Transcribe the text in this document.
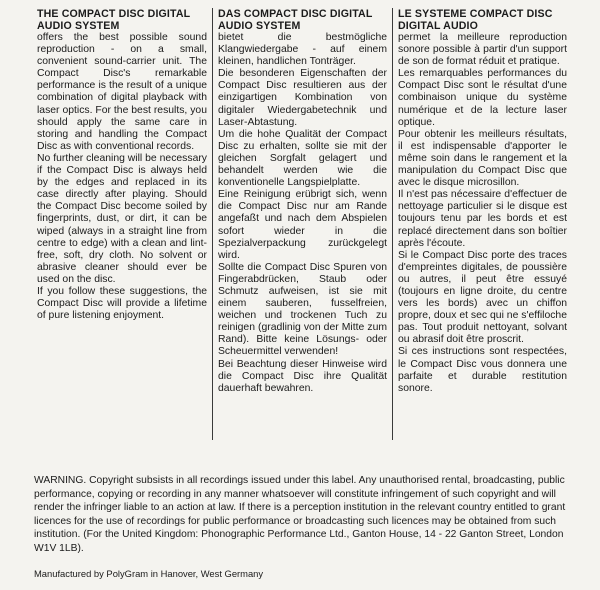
THE COMPACT DISC DIGITAL AUDIO SYSTEM

offers the best possible sound reproduction - on a small, convenient sound-carrier unit. The Compact Disc's remarkable performance is the result of a unique combination of digital playback with laser optics. For the best results, you should apply the same care in storing and handling the Compact Disc as with conventional records.

No further cleaning will be necessary if the Compact Disc is always held by the edges and replaced in its case directly after playing. Should the Compact Disc become soiled by fingerprints, dust, or dirt, it can be wiped (always in a straight line from centre to edge) with a clean and lint-free, soft, dry cloth. No solvent or abrasive cleaner should ever be used on the disc.

If you follow these suggestions, the Compact Disc will provide a lifetime of pure listening enjoyment.

DAS COMPACT DISC DIGITAL AUDIO SYSTEM

bietet die bestmögliche Klangwiedergabe - auf einem kleinen, handlichen Tonträger.

Die besonderen Eigenschaften der Compact Disc resultieren aus der einzigartigen Kombination von digitaler Wiedergabetechnik und Laser-Abtastung.

Um die hohe Qualität der Compact Disc zu erhalten, sollte sie mit der gleichen Sorgfalt gelagert und behandelt werden wie die konventionelle Langspielplatte.

Eine Reinigung erübrigt sich, wenn die Compact Disc nur am Rande angefaßt und nach dem Abspielen sofort wieder in die Spezialverpackung zurückgelegt wird.

Sollte die Compact Disc Spuren von Fingerabdrücken, Staub oder Schmutz aufweisen, ist sie mit einem sauberen, fusselfreien, weichen und trockenen Tuch zu reinigen (gradlinig von der Mitte zum Rand). Bitte keine Lösungs- oder Scheuermittel verwenden!

Bei Beachtung dieser Hinweise wird die Compact Disc ihre Qualität dauerhaft bewahren.

LE SYSTEME COMPACT DISC DIGITAL AUDIO

permet la meilleure reproduction sonore possible à partir d'un support de son de format réduit et pratique.

Les remarquables performances du Compact Disc sont le résultat d'une combinaison unique du système numérique et de la lecture laser optique.

Pour obtenir les meilleurs résultats, il est indispensable d'apporter le même soin dans le rangement et la manipulation du Compact Disc que avec le disque microsillon.

Il n'est pas nécessaire d'effectuer de nettoyage particulier si le disque est toujours tenu par les bords et est replacé directement dans son boîtier après l'écoute.

Si le Compact Disc porte des traces d'empreintes digitales, de poussière ou autres, il peut être essuyé (toujours en ligne droite, du centre vers les bords) avec un chiffon propre, doux et sec qui ne s'effiloche pas. Tout produit nettoyant, solvant ou abrasif doit être proscrit.

Si ces instructions sont respectées, le Compact Disc vous donnera une parfaite et durable restitution sonore.

WARNING. Copyright subsists in all recordings issued under this label. Any unauthorised rental, broadcasting, public performance, copying or recording in any manner whatsoever will constitute infringement of such copyright and will render the infringer liable to an action at law. If there is a perception institution in the relevant country entitled to grant licences for the use of recordings for public performance or broadcasting such licences may be obtained from such institution. (For the United Kingdom: Phonographic Performance Ltd., Ganton House, 14 - 22 Ganton Street, London W1V 1LB).

Manufactured by PolyGram in Hanover, West Germany
